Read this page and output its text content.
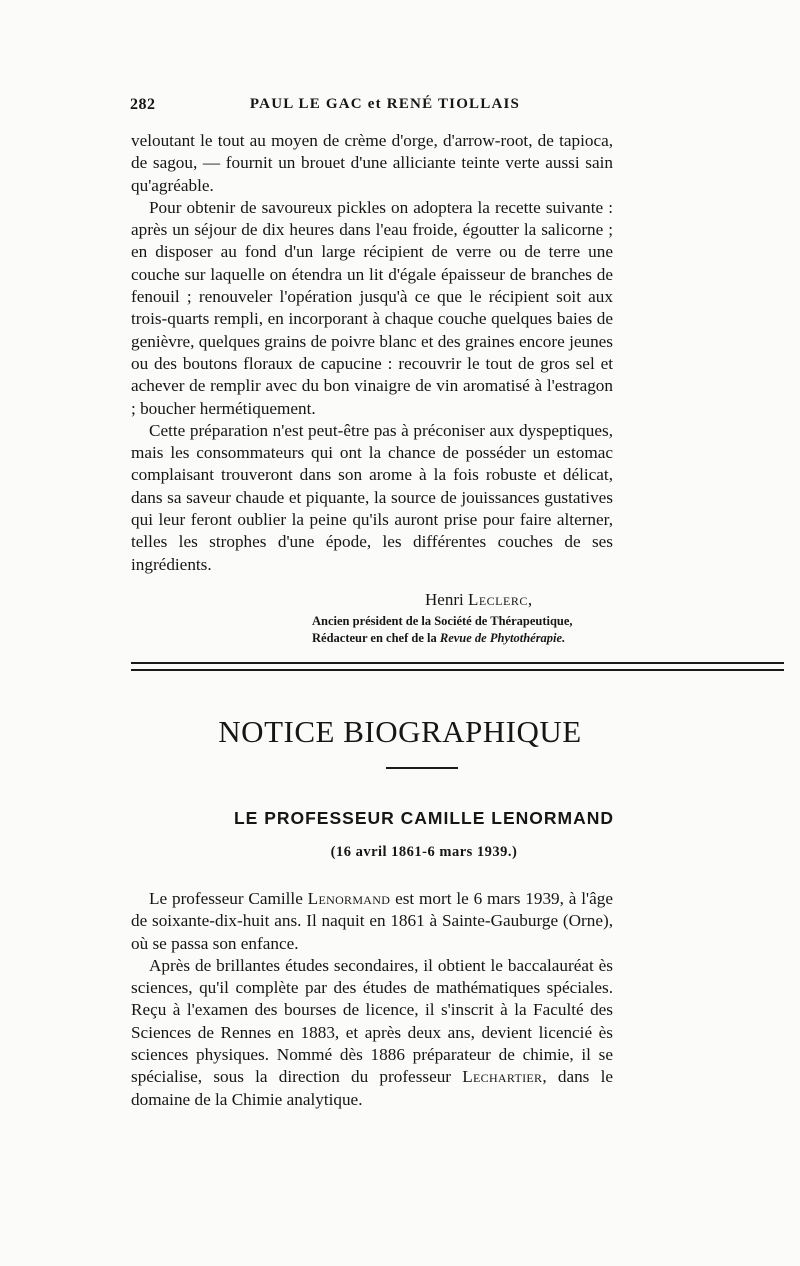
282	PAUL LE GAC et RENÉ TIOLLAIS

veloutant le tout au moyen de crème d'orge, d'arrow-root, de tapioca, de sagou, — fournit un brouet d'une alliciante teinte verte aussi sain qu'agréable.

Pour obtenir de savoureux pickles on adoptera la recette suivante : après un séjour de dix heures dans l'eau froide, égoutter la salicorne ; en disposer au fond d'un large récipient de verre ou de terre une couche sur laquelle on étendra un lit d'égale épaisseur de branches de fenouil ; renouveler l'opération jusqu'à ce que le récipient soit aux trois-quarts rempli, en incorporant à chaque couche quelques baies de genièvre, quelques grains de poivre blanc et des graines encore jeunes ou des boutons floraux de capucine : recouvrir le tout de gros sel et achever de remplir avec du bon vinaigre de vin aromatisé à l'estragon ; boucher hermétiquement.

Cette préparation n'est peut-être pas à préconiser aux dyspeptiques, mais les consommateurs qui ont la chance de posséder un estomac complaisant trouveront dans son arome à la fois robuste et délicat, dans sa saveur chaude et piquante, la source de jouissances gustatives qui leur feront oublier la peine qu'ils auront prise pour faire alterner, telles les strophes d'une épode, les différentes couches de ses ingrédients.

Henri Leclerc,
Ancien président de la Société de Thérapeutique,
Rédacteur en chef de la Revue de Phytothérapie.
NOTICE BIOGRAPHIQUE
LE PROFESSEUR CAMILLE LENORMAND
(16 avril 1861-6 mars 1939.)

Le professeur Camille Lenormand est mort le 6 mars 1939, à l'âge de soixante-dix-huit ans. Il naquit en 1861 à Sainte-Gauburge (Orne), où se passa son enfance.

Après de brillantes études secondaires, il obtient le baccalauréat ès sciences, qu'il complète par des études de mathématiques spéciales. Reçu à l'examen des bourses de licence, il s'inscrit à la Faculté des Sciences de Rennes en 1883, et après deux ans, devient licencié ès sciences physiques. Nommé dès 1886 préparateur de chimie, il se spécialise, sous la direction du professeur Lechartier, dans le domaine de la Chimie analytique.
